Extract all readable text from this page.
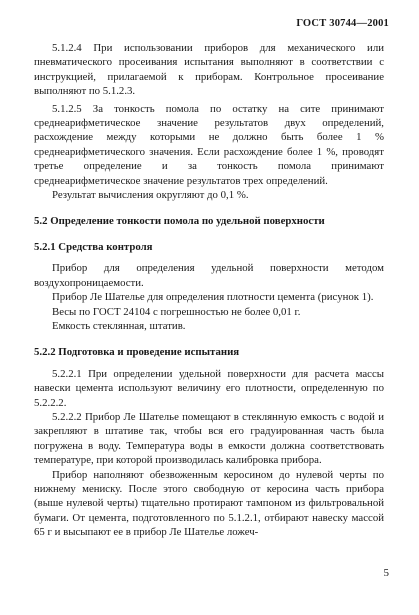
ГОСТ 30744—2001

5.1.2.4 При использовании приборов для механического или пневматического просеивания испытания выполняют в соответствии с инструкцией, прилагаемой к приборам. Контрольное просеивание выполняют по 5.1.2.3.

5.1.2.5 За тонкость помола по остатку на сите принимают среднеарифметическое значение результатов двух определений, расхождение между которыми не должно быть более 1 % среднеарифметического значения. Если расхождение более 1 %, проводят третье определение и за тонкость помола принимают среднеарифметическое значение результатов трех определений.

Результат вычисления округляют до 0,1 %.

5.2 Определение тонкости помола по удельной поверхности

5.2.1 Средства контроля

Прибор для определения удельной поверхности методом воздухопроницаемости.

Прибор Ле Шателье для определения плотности цемента (рисунок 1).

Весы по ГОСТ 24104 с погрешностью не более 0,01 г.

Емкость стеклянная, штатив.

5.2.2 Подготовка и проведение испытания

5.2.2.1 При определении удельной поверхности для расчета массы навески цемента используют величину его плотности, определенную по 5.2.2.2.

5.2.2.2 Прибор Ле Шателье помещают в стеклянную емкость с водой и закрепляют в штативе так, чтобы вся его градуированная часть была погружена в воду. Температура воды в емкости должна соответствовать температуре, при которой производилась калибровка прибора.

Прибор наполняют обезвоженным керосином до нулевой черты по нижнему мениску. После этого свободную от керосина часть прибора (выше нулевой черты) тщательно протирают тампоном из фильтровальной бумаги. От цемента, подготовленного по 5.1.2.1, отбирают навеску массой 65 г и высыпают ее в прибор Ле Шателье ложеч-

5
